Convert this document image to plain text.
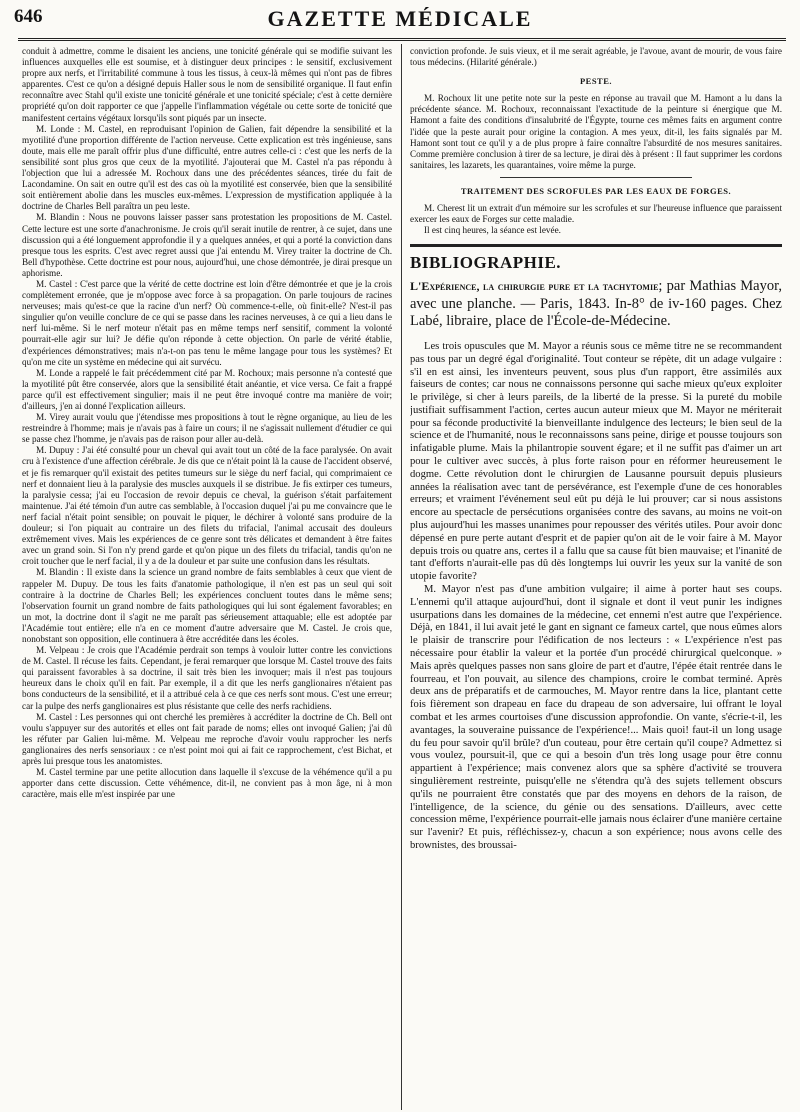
646	GAZETTE MÉDICALE

conduit à admettre, comme le disaient les anciens, une tonicité générale qui se modifie suivant les influences auxquelles elle est soumise, et à distinguer deux principes : le sensitif, exclusivement propre aux nerfs, et l'irritabilité commune à tous les tissus, à ceux-là mêmes qui n'ont pas de fibres apparentes. C'est ce qu'on a désigné depuis Haller sous le nom de sensibilité organique. Il faut enfin reconnaître avec Stahl qu'il existe une tonicité générale et une tonicité spéciale; c'est à cette dernière propriété qu'on doit rapporter ce que j'appelle l'inflammation végétale ou cette sorte de tonicité que manifestent certains végétaux lorsqu'ils sont piqués par un insecte.

M. Londe : M. Castel, en reproduisant l'opinion de Galien, fait dépendre la sensibilité et la myotilité d'une proportion différente de l'action nerveuse. Cette explication est très ingénieuse, sans doute, mais elle me paraît offrir plus d'une difficulté, entre autres celle-ci : c'est que les nerfs de la sensibilité sont plus gros que ceux de la myotilité. J'ajouterai que M. Castel n'a pas répondu à l'objection que lui a adressée M. Rochoux dans une des précédentes séances, tirée du fait de Lacondamine. On sait en outre qu'il est des cas où la myotilité est conservée, bien que la sensibilité soit entièrement abolie dans les muscles eux-mêmes. L'expression de mystification appliquée à la doctrine de Charles Bell paraîtra un peu leste.

M. Blandin : Nous ne pouvons laisser passer sans protestation les propositions de M. Castel. Cette lecture est une sorte d'anachronisme. Je crois qu'il serait inutile de rentrer, à ce sujet, dans une discussion qui a été longuement approfondie il y a quelques années, et qui a porté la conviction dans presque tous les esprits. C'est avec regret aussi que j'ai entendu M. Virey traiter la doctrine de Ch. Bell d'hypothèse. Cette doctrine est pour nous, aujourd'hui, une chose démontrée, je dirai presque un aphorisme.

M. Castel : C'est parce que la vérité de cette doctrine est loin d'être démontrée et que je la crois complètement erronée, que je m'oppose avec force à sa propagation. On parle toujours de racines nerveuses; mais qu'est-ce que la racine d'un nerf? Où commence-t-elle, où finit-elle? N'est-il pas singulier qu'on veuille conclure de ce qui se passe dans les racines nerveuses, à ce qui a lieu dans le nerf lui-même. Si le nerf moteur n'était pas en même temps nerf sensitif, comment la volonté pourrait-elle agir sur lui? Je défie qu'on réponde à cette objection. On parle de vérité établie, d'expériences démonstratives; mais n'a-t-on pas tenu le même langage pour tous les systèmes? Et qu'on me cite un système en médecine qui ait survécu.

M. Londe a rappelé le fait précédemment cité par M. Rochoux; mais personne n'a contesté que la myotilité pût être conservée, alors que la sensibilité était anéantie, et vice versa. Ce fait a frappé parce qu'il est effectivement singulier; mais il ne peut être invoqué contre ma manière de voir; d'ailleurs, j'en ai donné l'explication ailleurs.

M. Virey aurait voulu que j'étendisse mes propositions à tout le règne organique, au lieu de les restreindre à l'homme; mais je n'avais pas à faire un cours; il ne s'agissait nullement d'étudier ce qui se passe chez l'homme, je n'avais pas de raison pour aller au-delà.

M. Dupuy : J'ai été consulté pour un cheval qui avait tout un côté de la face paralysée. On avait cru à l'existence d'une affection cérébrale. Je dis que ce n'était point là la cause de l'accident observé, et je fis remarquer qu'il existait des petites tumeurs sur le siège du nerf facial, qui comprimaient ce nerf et donnaient lieu à la paralysie des muscles auxquels il se distribue. Je fis extirper ces tumeurs, la paralysie cessa; j'ai eu l'occasion de revoir depuis ce cheval, la guérison s'était parfaitement maintenue. J'ai été témoin d'un autre cas semblable, à l'occasion duquel j'ai pu me convaincre que le nerf facial n'était point sensible; on pouvait le piquer, le déchirer à volonté sans produire de la douleur; si l'on piquait au contraire un des filets du trifacial, l'animal accusait des douleurs extrêmement vives. Mais les expériences de ce genre sont très délicates et demandent à être faites avec un grand soin. Si l'on n'y prend garde et qu'on pique un des filets du trifacial, tandis qu'on ne croit toucher que le nerf facial, il y a de la douleur et par suite une confusion dans les résultats.

M. Blandin : Il existe dans la science un grand nombre de faits semblables à ceux que vient de rappeler M. Dupuy. De tous les faits d'anatomie pathologique, il n'en est pas un seul qui soit contraire à la doctrine de Charles Bell; les expériences concluent toutes dans le même sens; l'observation fournit un grand nombre de faits pathologiques qui lui sont également favorables; en un mot, la doctrine dont il s'agit ne me paraît pas sérieusement attaquable; elle est adoptée par l'Académie tout entière; elle n'a en ce moment d'autre adversaire que M. Castel. Je crois que, nonobstant son opposition, elle continuera à être accréditée dans les écoles.

M. Velpeau : Je crois que l'Académie perdrait son temps à vouloir lutter contre les convictions de M. Castel. Il récuse les faits. Cependant, je ferai remarquer que lorsque M. Castel trouve des faits qui paraissent favorables à sa doctrine, il sait très bien les invoquer; mais il n'est pas toujours heureux dans le choix qu'il en fait. Par exemple, il a dit que les nerfs ganglionaires n'étaient pas bons conducteurs de la sensibilité, et il a attribué cela à ce que ces nerfs sont mous. C'est une erreur; car la pulpe des nerfs ganglionaires est plus résistante que celle des nerfs rachidiens.

M. Castel : Les personnes qui ont cherché les premières à accréditer la doctrine de Ch. Bell ont voulu s'appuyer sur des autorités et elles ont fait parade de noms; elles ont invoqué Galien; j'ai dû les réfuter par Galien lui-même. M. Velpeau me reproche d'avoir voulu rapprocher les nerfs ganglionaires des nerfs sensoriaux : ce n'est point moi qui ai fait ce rapprochement, c'est Bichat, et après lui presque tous les anatomistes.

M. Castel termine par une petite allocution dans laquelle il s'excuse de la véhémence qu'il a pu apporter dans cette discussion. Cette véhémence, dit-il, ne convient pas à mon âge, ni à mon caractère, mais elle m'est inspirée par une

conviction profonde. Je suis vieux, et il me serait agréable, je l'avoue, avant de mourir, de vous faire tous médecins. (Hilarité générale.)

PESTE.

M. Rochoux lit une petite note sur la peste en réponse au travail que M. Hamont a lu dans la précédente séance. M. Rochoux, reconnaissant l'exactitude de la peinture si énergique que M. Hamont a faite des conditions d'insalubrité de l'Égypte, tourne ces mêmes faits en argument contre l'idée que la peste aurait pour origine la contagion. A mes yeux, dit-il, les faits signalés par M. Hamont sont tout ce qu'il y a de plus propre à faire connaître l'absurdité de nos mesures sanitaires. Comme première conclusion à tirer de sa lecture, je dirai dès à présent : Il faut supprimer les cordons sanitaires, les lazarets, les quarantaines, voire même la purge.

TRAITEMENT DES SCROFULES PAR LES EAUX DE FORGES.

M. Cherest lit un extrait d'un mémoire sur les scrofules et sur l'heureuse influence que paraissent exercer les eaux de Forges sur cette maladie.

Il est cinq heures, la séance est levée.

BIBLIOGRAPHIE.
L'Expérience, la chirurgie pure et la tachytomie; par Mathias Mayor, avec une planche. — Paris, 1843. In-8° de iv-160 pages. Chez Labé, libraire, place de l'École-de-Médecine.

Les trois opuscules que M. Mayor a réunis sous ce même titre ne se recommandent pas tous par un degré égal d'originalité. Tout conteur se répète, dit un adage vulgaire : s'il en est ainsi, les inventeurs peuvent, sous plus d'un rapport, être assimilés aux faiseurs de contes; car nous ne connaissons personne qui sache mieux qu'eux exploiter le privilège, si cher à leurs pareils, de la liberté de la presse. Si la pureté du mobile justifiait suffisamment l'action, certes aucun auteur mieux que M. Mayor ne mériterait pour sa féconde productivité la bienveillante indulgence des lecteurs; le bien seul de la science et de l'humanité, nous le reconnaissons sans peine, dirige et pousse toujours son infatigable plume. Mais la philantropie souvent égare; et il ne suffit pas d'aimer un art pour le cultiver avec succès, à plus forte raison pour en réformer heureusement le dogme. Cette révolution dont le chirurgien de Lausanne poursuit depuis plusieurs années la réalisation avec tant de persévérance, est l'exemple d'une de ces honorables erreurs; et vraiment l'événement seul eût pu déjà le lui prouver; car si nous assistons encore au spectacle de persécutions organisées contre des savans, au moins ne voit-on plus aujourd'hui les masses unanimes pour repousser des vérités utiles. Pour avoir donc dépensé en pure perte autant d'esprit et de papier qu'on ait de le voir faire à M. Mayor depuis trois ou quatre ans, certes il a fallu que sa cause fût bien mauvaise; et l'inanité de tant d'efforts n'aurait-elle pas dû dès longtemps lui ouvrir les yeux sur la vanité de son utopie favorite?

M. Mayor n'est pas d'une ambition vulgaire; il aime à porter haut ses coups. L'ennemi qu'il attaque aujourd'hui, dont il signale et dont il veut punir les indignes usurpations dans les domaines de la médecine, cet ennemi n'est autre que l'expérience. Déjà, en 1841, il lui avait jeté le gant en signant ce fameux cartel, que nous eûmes alors le plaisir de transcrire pour l'édification de nos lecteurs : « L'expérience n'est pas nécessaire pour établir la valeur et la portée d'un procédé chirurgical quelconque. » Mais après quelques passes non sans gloire de part et d'autre, l'épée était rentrée dans le fourreau, et l'on pouvait, au silence des champions, croire le combat terminé. Après deux ans de préparatifs et de carmouches, M. Mayor rentre dans la lice, plantant cette fois fièrement son drapeau en face du drapeau de son adversaire, lui offrant le loyal combat et les armes courtoises d'une discussion approfondie. On vante, s'écrie-t-il, les avantages, la souveraine puissance de l'expérience!... Mais quoi! faut-il un long usage du feu pour savoir qu'il brûle? d'un couteau, pour être certain qu'il coupe? Admettez si vous voulez, poursuit-il, que ce qui a besoin d'un très long usage pour être connu appartient à l'expérience; mais convenez alors que sa sphère d'activité se trouvera singulièrement restreinte, puisqu'elle ne s'étendra qu'à des sujets tellement obscurs qu'ils ne pourraient être constatés que par des moyens en dehors de la raison, de l'intelligence, de la science, du génie ou des sensations. D'ailleurs, avec cette concession même, l'expérience pourrait-elle jamais nous éclairer d'une manière certaine sur l'avenir? Et puis, réfléchissez-y, chacun a son expérience; nous avons celle des brownistes, des broussai-
